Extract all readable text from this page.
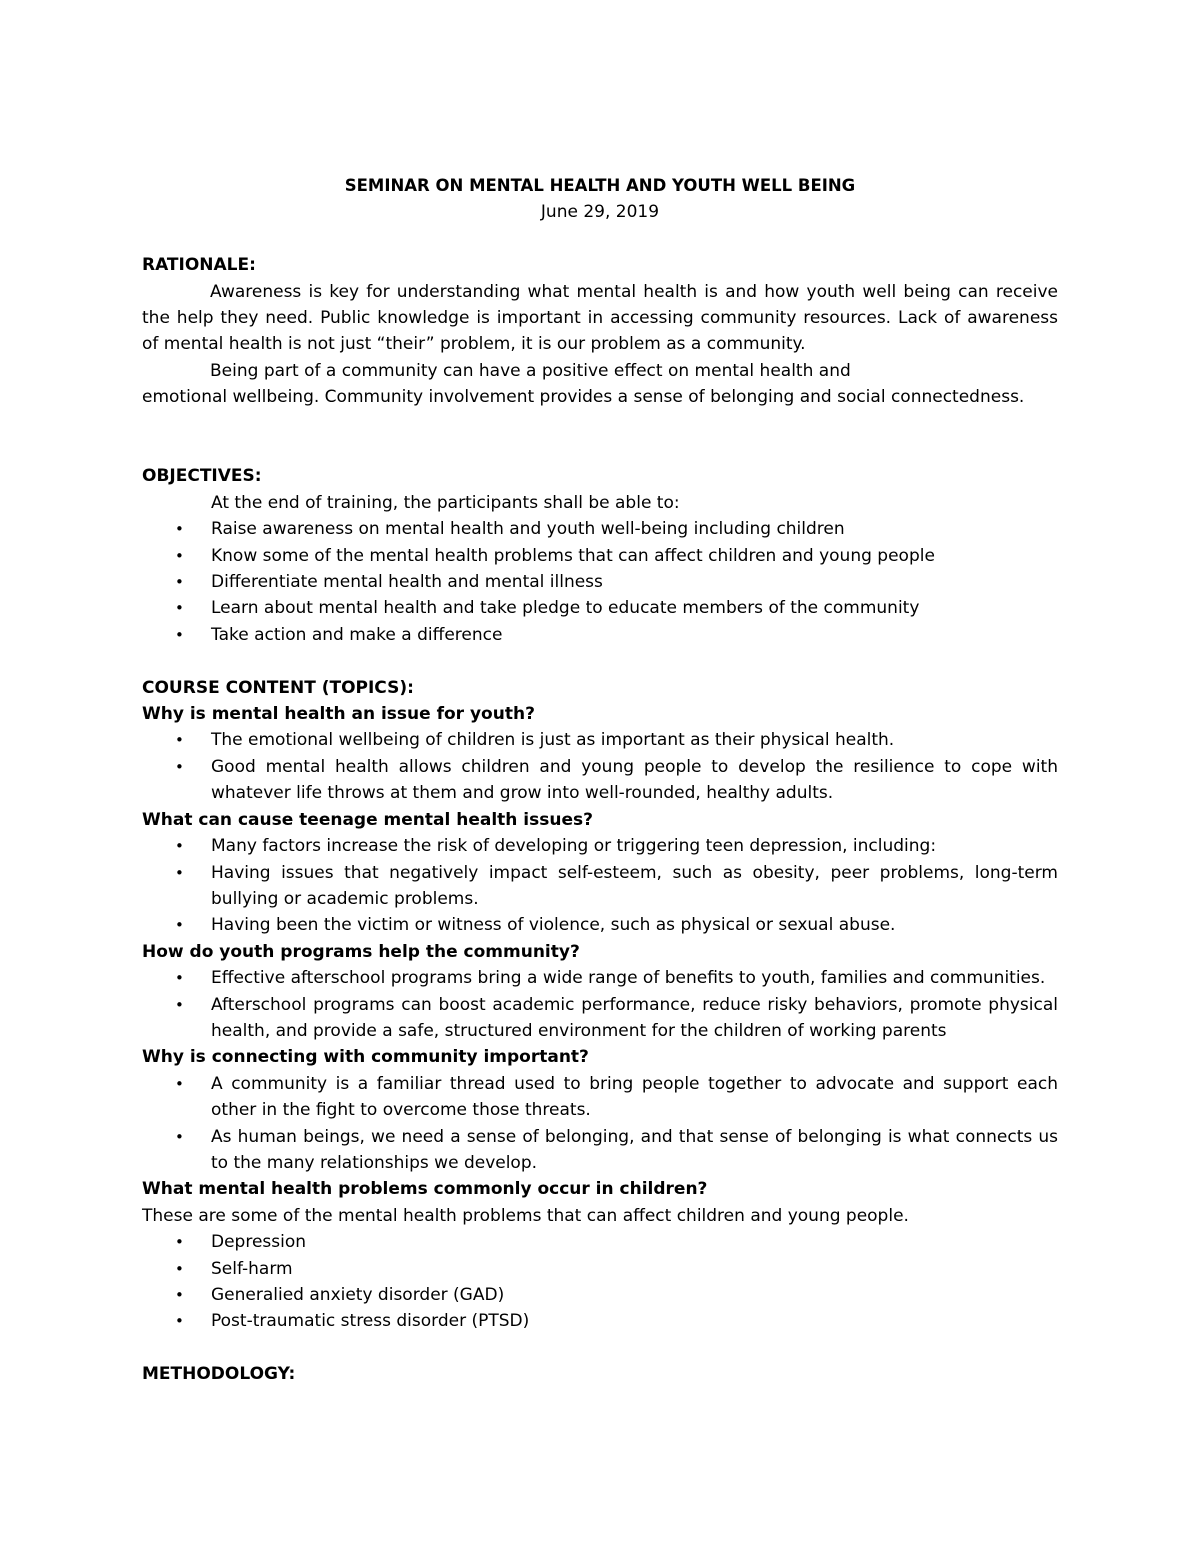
SEMINAR ON MENTAL HEALTH AND YOUTH WELL BEING
June 29, 2019

RATIONALE:

Awareness is key for understanding what mental health is and how youth well being can receive the help they need. Public knowledge is important in accessing community resources. Lack of awareness of mental health is not just “their” problem, it is our problem as a community.

Being part of a community can have a positive effect on mental health and

emotional wellbeing. Community involvement provides a sense of belonging and social connectedness.

OBJECTIVES:

At the end of training, the participants shall be able to:

• Raise awareness on mental health and youth well-being including children
• Know some of the mental health problems that can affect children and young people
• Differentiate mental health and mental illness
• Learn about mental health and take pledge to educate members of the community
• Take action and make a difference

COURSE CONTENT (TOPICS):

Why is mental health an issue for youth?

• The emotional wellbeing of children is just as important as their physical health.
• Good mental health allows children and young people to develop the resilience to cope with whatever life throws at them and grow into well-rounded, healthy adults.

What can cause teenage mental health issues?

• Many factors increase the risk of developing or triggering teen depression, including:
• Having issues that negatively impact self-esteem, such as obesity, peer problems, long-term bullying or academic problems.
• Having been the victim or witness of violence, such as physical or sexual abuse.

How do youth programs help the community?

• Effective afterschool programs bring a wide range of benefits to youth, families and communities.
• Afterschool programs can boost academic performance, reduce risky behaviors, promote physical health, and provide a safe, structured environment for the children of working parents

Why is connecting with community important?

• A community is a familiar thread used to bring people together to advocate and support each other in the fight to overcome those threats.
• As human beings, we need a sense of belonging, and that sense of belonging is what connects us to the many relationships we develop.

What mental health problems commonly occur in children?

These are some of the mental health problems that can affect children and young people.

• Depression
• Self-harm
• Generalied anxiety disorder (GAD)
• Post-traumatic stress disorder (PTSD)

METHODOLOGY:
